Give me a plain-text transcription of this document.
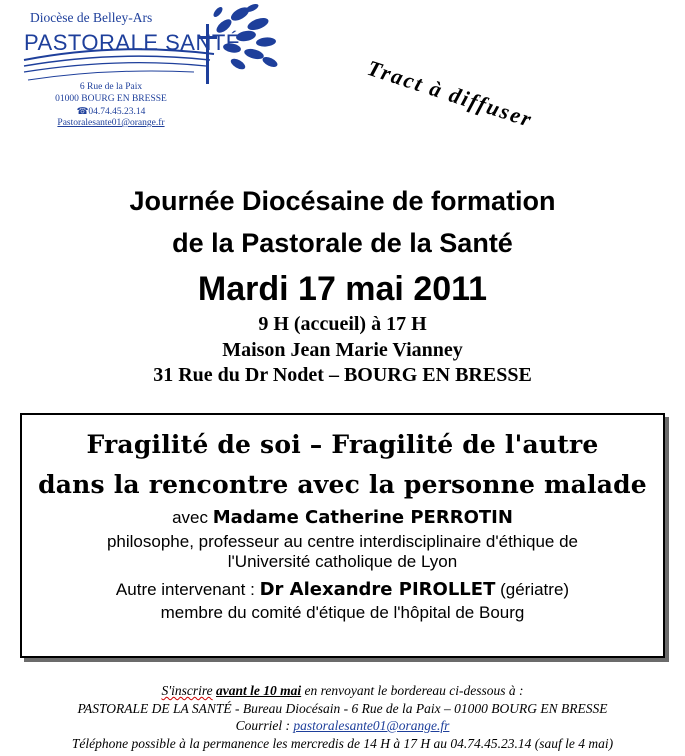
Diocèse de Belley-Ars
PASTORALE SANTÉ
6 Rue de la Paix
01000 BOURG EN BRESSE
☎04.74.45.23.14
Pastoralesante01@orange.fr	Tract à diffuser
Journée Diocésaine de formation
de la Pastorale de la Santé
Mardi 17 mai 2011
9 H (accueil) à 17 H
Maison Jean Marie Vianney
31 Rue du Dr Nodet – BOURG EN BRESSE
Fragilité de soi – Fragilité de l'autre
dans la rencontre avec la personne malade
avec Madame Catherine PERROTIN
philosophe, professeur au centre interdisciplinaire d'éthique de
l'Université catholique de Lyon
Autre intervenant : Dr Alexandre PIROLLET (gériatre)
membre du comité d'étique de l'hôpital de Bourg
S'inscrire avant le 10 mai en renvoyant le bordereau ci-dessous à :
PASTORALE DE LA SANTÉ - Bureau Diocésain - 6 Rue de la Paix – 01000 BOURG EN BRESSE
Courriel : pastoralesante01@orange.fr
Téléphone possible à la permanence les mercredis de 14 H à 17 H au 04.74.45.23.14 (sauf le 4 mai)
